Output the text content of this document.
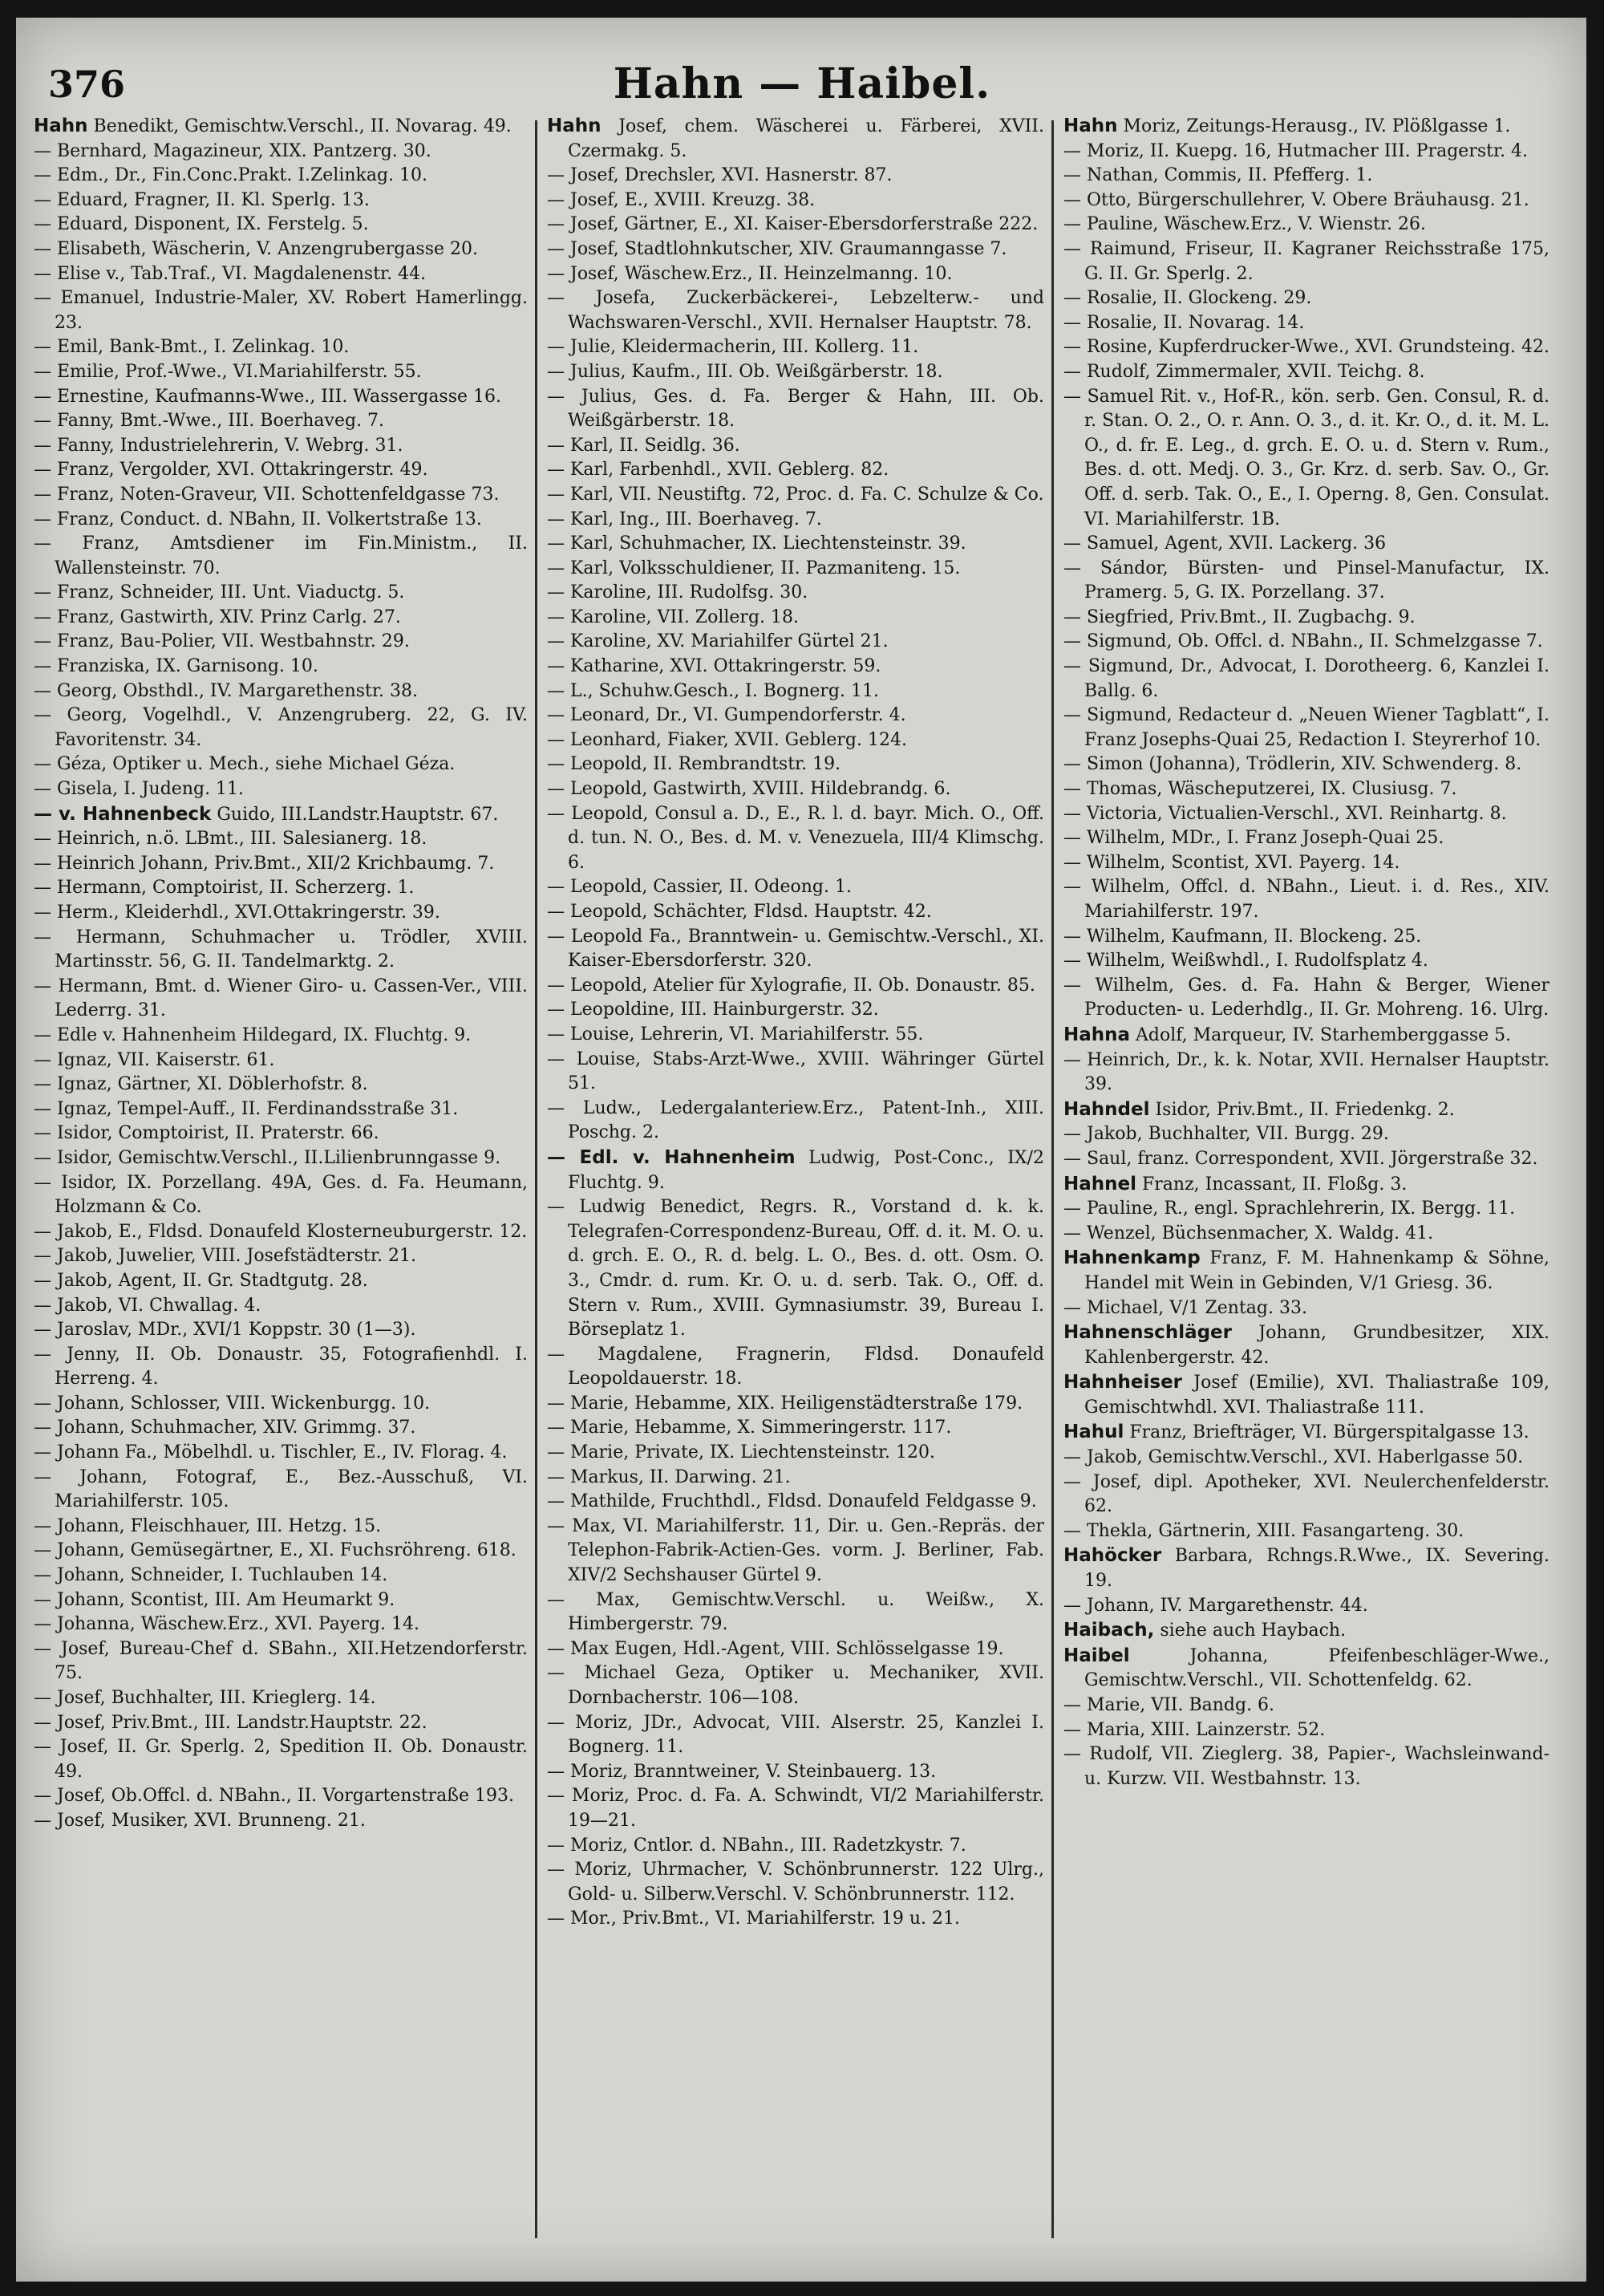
376	Hahn — Haibel.

Hahn Benedikt, Gemischtw.Verschl., II. Novarag. 49.

— Bernhard, Magazineur, XIX. Pantzerg. 30.

— Edm., Dr., Fin.Conc.Prakt. I.Zelinkag. 10.

— Eduard, Fragner, II. Kl. Sperlg. 13.

— Eduard, Disponent, IX. Ferstelg. 5.

— Elisabeth, Wäscherin, V. Anzengrubergasse 20.

— Elise v., Tab.Traf., VI. Magdalenenstr. 44.

— Emanuel, Industrie-Maler, XV. Robert Hamerlingg. 23.

— Emil, Bank-Bmt., I. Zelinkag. 10.

— Emilie, Prof.-Wwe., VI.Mariahilferstr. 55.

— Ernestine, Kaufmanns-Wwe., III. Wassergasse 16.

— Fanny, Bmt.-Wwe., III. Boerhaveg. 7.

— Fanny, Industrielehrerin, V. Webrg. 31.

— Franz, Vergolder, XVI. Ottakringerstr. 49.

— Franz, Noten-Graveur, VII. Schottenfeldgasse 73.

— Franz, Conduct. d. NBahn, II. Volkertstraße 13.

— Franz, Amtsdiener im Fin.Ministm., II. Wallensteinstr. 70.

— Franz, Schneider, III. Unt. Viaductg. 5.

— Franz, Gastwirth, XIV. Prinz Carlg. 27.

— Franz, Bau-Polier, VII. Westbahnstr. 29.

— Franziska, IX. Garnisong. 10.

— Georg, Obsthdl., IV. Margarethenstr. 38.

— Georg, Vogelhdl., V. Anzengruberg. 22, G. IV. Favoritenstr. 34.

— Géza, Optiker u. Mech., siehe Michael Géza.

— Gisela, I. Judeng. 11.

— v. Hahnenbeck Guido, III.Landstr.Hauptstr. 67.

— Heinrich, n.ö. LBmt., III. Salesianerg. 18.

— Heinrich Johann, Priv.Bmt., XII/2 Krichbaumg. 7.

— Hermann, Comptoirist, II. Scherzerg. 1.

— Herm., Kleiderhdl., XVI.Ottakringerstr. 39.

— Hermann, Schuhmacher u. Trödler, XVIII. Martinsstr. 56, G. II. Tandelmarktg. 2.

— Hermann, Bmt. d. Wiener Giro- u. Cassen-Ver., VIII. Lederrg. 31.

— Edle v. Hahnenheim Hildegard, IX. Fluchtg. 9.

— Ignaz, VII. Kaiserstr. 61.

— Ignaz, Gärtner, XI. Döblerhofstr. 8.

— Ignaz, Tempel-Auff., II. Ferdinandsstraße 31.

— Isidor, Comptoirist, II. Praterstr. 66.

— Isidor, Gemischtw.Verschl., II.Lilienbrunngasse 9.

— Isidor, IX. Porzellang. 49A, Ges. d. Fa. Heumann, Holzmann & Co.

— Jakob, E., Fldsd. Donaufeld Klosterneuburgerstr. 12.

— Jakob, Juwelier, VIII. Josefstädterstr. 21.

— Jakob, Agent, II. Gr. Stadtgutg. 28.

— Jakob, VI. Chwallag. 4.

— Jaroslav, MDr., XVI/1 Koppstr. 30 (1—3).

— Jenny, II. Ob. Donaustr. 35, Fotografienhdl. I. Herreng. 4.

— Johann, Schlosser, VIII. Wickenburgg. 10.

— Johann, Schuhmacher, XIV. Grimmg. 37.

— Johann Fa., Möbelhdl. u. Tischler, E., IV. Florag. 4.

— Johann, Fotograf, E., Bez.-Ausschuß, VI. Mariahilferstr. 105.

— Johann, Fleischhauer, III. Hetzg. 15.

— Johann, Gemüsegärtner, E., XI. Fuchsröhreng. 618.

— Johann, Schneider, I. Tuchlauben 14.

— Johann, Scontist, III. Am Heumarkt 9.

— Johanna, Wäschew.Erz., XVI. Payerg. 14.

— Josef, Bureau-Chef d. SBahn., XII.Hetzendorferstr. 75.

— Josef, Buchhalter, III. Krieglerg. 14.

— Josef, Priv.Bmt., III. Landstr.Hauptstr. 22.

— Josef, II. Gr. Sperlg. 2, Spedition II. Ob. Donaustr. 49.

— Josef, Ob.Offcl. d. NBahn., II. Vorgartenstraße 193.

— Josef, Musiker, XVI. Brunneng. 21.

Hahn Josef, chem. Wäscherei u. Färberei, XVII. Czermakg. 5.

— Josef, Drechsler, XVI. Hasnerstr. 87.

— Josef, E., XVIII. Kreuzg. 38.

— Josef, Gärtner, E., XI. Kaiser-Ebersdorferstraße 222.

— Josef, Stadtlohnkutscher, XIV. Graumanngasse 7.

— Josef, Wäschew.Erz., II. Heinzelmanng. 10.

— Josefa, Zuckerbäckerei-, Lebzelterw.- und Wachswaren-Verschl., XVII. Hernalser Hauptstr. 78.

— Julie, Kleidermacherin, III. Kollerg. 11.

— Julius, Kaufm., III. Ob. Weißgärberstr. 18.

— Julius, Ges. d. Fa. Berger & Hahn, III. Ob. Weißgärberstr. 18.

— Karl, II. Seidlg. 36.

— Karl, Farbenhdl., XVII. Geblerg. 82.

— Karl, VII. Neustiftg. 72, Proc. d. Fa. C. Schulze & Co.

— Karl, Ing., III. Boerhaveg. 7.

— Karl, Schuhmacher, IX. Liechtensteinstr. 39.

— Karl, Volksschuldiener, II. Pazmaniteng. 15.

— Karoline, III. Rudolfsg. 30.

— Karoline, VII. Zollerg. 18.

— Karoline, XV. Mariahilfer Gürtel 21.

— Katharine, XVI. Ottakringerstr. 59.

— L., Schuhw.Gesch., I. Bognerg. 11.

— Leonard, Dr., VI. Gumpendorferstr. 4.

— Leonhard, Fiaker, XVII. Geblerg. 124.

— Leopold, II. Rembrandtstr. 19.

— Leopold, Gastwirth, XVIII. Hildebrandg. 6.

— Leopold, Consul a. D., E., R. l. d. bayr. Mich. O., Off. d. tun. N. O., Bes. d. M. v. Venezuela, III/4 Klimschg. 6.

— Leopold, Cassier, II. Odeong. 1.

— Leopold, Schächter, Fldsd. Hauptstr. 42.

— Leopold Fa., Branntwein- u. Gemischtw.-Verschl., XI. Kaiser-Ebersdorferstr. 320.

— Leopold, Atelier für Xylografie, II. Ob. Donaustr. 85.

— Leopoldine, III. Hainburgerstr. 32.

— Louise, Lehrerin, VI. Mariahilferstr. 55.

— Louise, Stabs-Arzt-Wwe., XVIII. Währinger Gürtel 51.

— Ludw., Ledergalanteriew.Erz., Patent-Inh., XIII. Poschg. 2.

— Edl. v. Hahnenheim Ludwig, Post-Conc., IX/2 Fluchtg. 9.

— Ludwig Benedict, Regrs. R., Vorstand d. k. k. Telegrafen-Correspondenz-Bureau, Off. d. it. M. O. u. d. grch. E. O., R. d. belg. L. O., Bes. d. ott. Osm. O. 3., Cmdr. d. rum. Kr. O. u. d. serb. Tak. O., Off. d. Stern v. Rum., XVIII. Gymnasiumstr. 39, Bureau I. Börseplatz 1.

— Magdalene, Fragnerin, Fldsd. Donaufeld Leopoldauerstr. 18.

— Marie, Hebamme, XIX. Heiligenstädterstraße 179.

— Marie, Hebamme, X. Simmeringerstr. 117.

— Marie, Private, IX. Liechtensteinstr. 120.

— Markus, II. Darwing. 21.

— Mathilde, Fruchthdl., Fldsd. Donaufeld Feldgasse 9.

— Max, VI. Mariahilferstr. 11, Dir. u. Gen.-Repräs. der Telephon-Fabrik-Actien-Ges. vorm. J. Berliner, Fab. XIV/2 Sechshauser Gürtel 9.

— Max, Gemischtw.Verschl. u. Weißw., X. Himbergerstr. 79.

— Max Eugen, Hdl.-Agent, VIII. Schlösselgasse 19.

— Michael Geza, Optiker u. Mechaniker, XVII. Dornbacherstr. 106—108.

— Moriz, JDr., Advocat, VIII. Alserstr. 25, Kanzlei I. Bognerg. 11.

— Moriz, Branntweiner, V. Steinbauerg. 13.

— Moriz, Proc. d. Fa. A. Schwindt, VI/2 Mariahilferstr. 19—21.

— Moriz, Cntlor. d. NBahn., III. Radetzkystr. 7.

— Moriz, Uhrmacher, V. Schönbrunnerstr. 122 Ulrg., Gold- u. Silberw.Verschl. V. Schönbrunnerstr. 112.

— Mor., Priv.Bmt., VI. Mariahilferstr. 19 u. 21.

Hahn Moriz, Zeitungs-Herausg., IV. Plößlgasse 1.

— Moriz, II. Kuepg. 16, Hutmacher III. Pragerstr. 4.

— Nathan, Commis, II. Pfefferg. 1.

— Otto, Bürgerschullehrer, V. Obere Bräuhausg. 21.

— Pauline, Wäschew.Erz., V. Wienstr. 26.

— Raimund, Friseur, II. Kagraner Reichsstraße 175, G. II. Gr. Sperlg. 2.

— Rosalie, II. Glockeng. 29.

— Rosalie, II. Novarag. 14.

— Rosine, Kupferdrucker-Wwe., XVI. Grundsteing. 42.

— Rudolf, Zimmermaler, XVII. Teichg. 8.

— Samuel Rit. v., Hof-R., kön. serb. Gen. Consul, R. d. r. Stan. O. 2., O. r. Ann. O. 3., d. it. Kr. O., d. it. M. L. O., d. fr. E. Leg., d. grch. E. O. u. d. Stern v. Rum., Bes. d. ott. Medj. O. 3., Gr. Krz. d. serb. Sav. O., Gr. Off. d. serb. Tak. O., E., I. Operng. 8, Gen. Consulat. VI. Mariahilferstr. 1B.

— Samuel, Agent, XVII. Lackerg. 36

— Sándor, Bürsten- und Pinsel-Manufactur, IX. Pramerg. 5, G. IX. Porzellang. 37.

— Siegfried, Priv.Bmt., II. Zugbachg. 9.

— Sigmund, Ob. Offcl. d. NBahn., II. Schmelzgasse 7.

— Sigmund, Dr., Advocat, I. Dorotheerg. 6, Kanzlei I. Ballg. 6.

— Sigmund, Redacteur d. „Neuen Wiener Tagblatt“, I. Franz Josephs-Quai 25, Redaction I. Steyrerhof 10.

— Simon (Johanna), Trödlerin, XIV. Schwenderg. 8.

— Thomas, Wäscheputzerei, IX. Clusiusg. 7.

— Victoria, Victualien-Verschl., XVI. Reinhartg. 8.

— Wilhelm, MDr., I. Franz Joseph-Quai 25.

— Wilhelm, Scontist, XVI. Payerg. 14.

— Wilhelm, Offcl. d. NBahn., Lieut. i. d. Res., XIV. Mariahilferstr. 197.

— Wilhelm, Kaufmann, II. Blockeng. 25.

— Wilhelm, Weißwhdl., I. Rudolfsplatz 4.

— Wilhelm, Ges. d. Fa. Hahn & Berger, Wiener Producten- u. Lederhdlg., II. Gr. Mohreng. 16. Ulrg.

Hahna Adolf, Marqueur, IV. Starhemberggasse 5.

— Heinrich, Dr., k. k. Notar, XVII. Hernalser Hauptstr. 39.

Hahndel Isidor, Priv.Bmt., II. Friedenkg. 2.

— Jakob, Buchhalter, VII. Burgg. 29.

— Saul, franz. Correspondent, XVII. Jörgerstraße 32.

Hahnel Franz, Incassant, II. Floßg. 3.

— Pauline, R., engl. Sprachlehrerin, IX. Bergg. 11.

— Wenzel, Büchsenmacher, X. Waldg. 41.

Hahnenkamp Franz, F. M. Hahnenkamp & Söhne, Handel mit Wein in Gebinden, V/1 Griesg. 36.

— Michael, V/1 Zentag. 33.

Hahnenschläger Johann, Grundbesitzer, XIX. Kahlenbergerstr. 42.

Hahnheiser Josef (Emilie), XVI. Thaliastraße 109, Gemischtwhdl. XVI. Thaliastraße 111.

Hahul Franz, Briefträger, VI. Bürgerspitalgasse 13.

— Jakob, Gemischtw.Verschl., XVI. Haberlgasse 50.

— Josef, dipl. Apotheker, XVI. Neulerchenfelderstr. 62.

— Thekla, Gärtnerin, XIII. Fasangarteng. 30.

Hahöcker Barbara, Rchngs.R.Wwe., IX. Severing. 19.

— Johann, IV. Margarethenstr. 44.

Haibach, siehe auch Haybach.

Haibel Johanna, Pfeifenbeschläger-Wwe., Gemischtw.Verschl., VII. Schottenfeldg. 62.

— Marie, VII. Bandg. 6.

— Maria, XIII. Lainzerstr. 52.

— Rudolf, VII. Zieglerg. 38, Papier-, Wachsleinwand- u. Kurzw. VII. Westbahnstr. 13.
